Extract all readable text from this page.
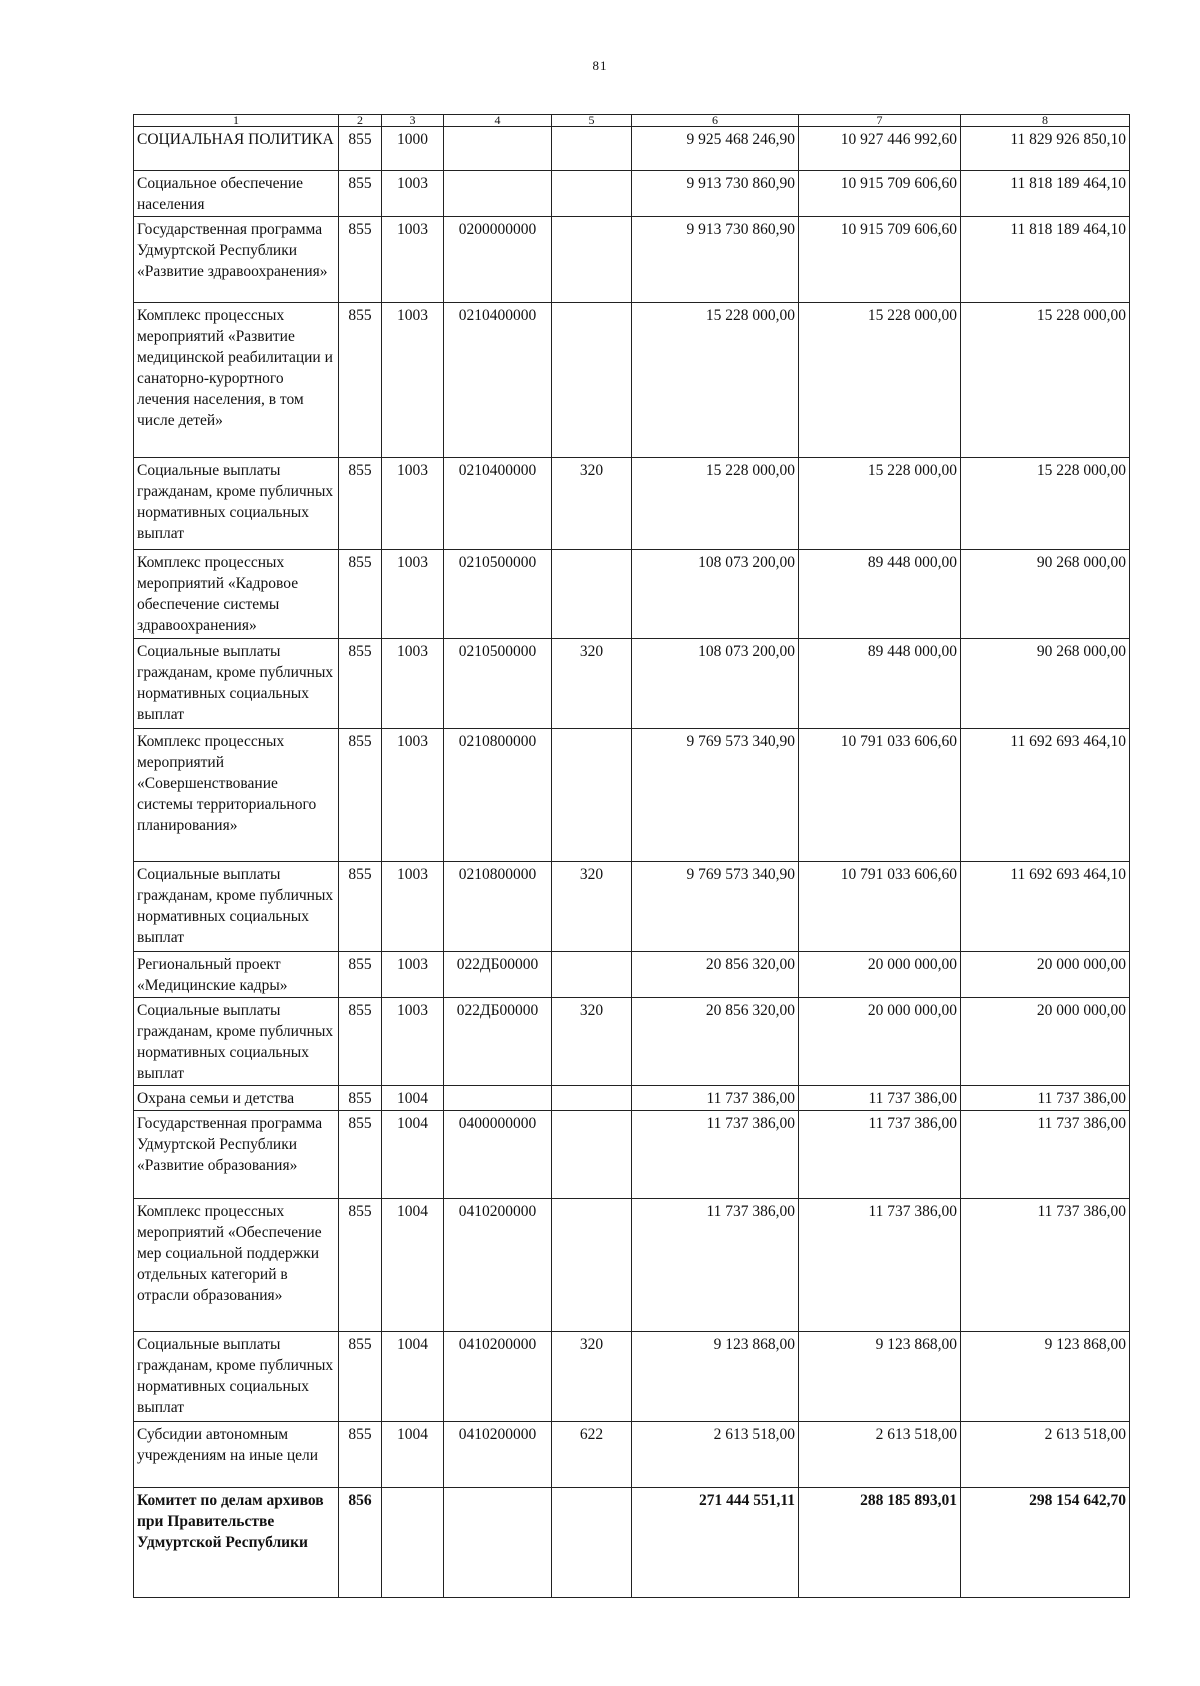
81
1	2	3	4	5	6	7	8
СОЦИАЛЬНАЯ ПОЛИТИКА	855	1000			9 925 468 246,90	10 927 446 992,60	11 829 926 850,10
Социальное обеспечение населения	855	1003			9 913 730 860,90	10 915 709 606,60	11 818 189 464,10
Государственная программа Удмуртской Республики «Развитие здравоохранения»	855	1003	0200000000		9 913 730 860,90	10 915 709 606,60	11 818 189 464,10
Комплекс процессных мероприятий «Развитие медицинской реабилитации и санаторно-курортного лечения населения, в том числе детей»	855	1003	0210400000		15 228 000,00	15 228 000,00	15 228 000,00
Социальные выплаты гражданам, кроме публичных нормативных социальных выплат	855	1003	0210400000	320	15 228 000,00	15 228 000,00	15 228 000,00
Комплекс процессных мероприятий «Кадровое обеспечение системы здравоохранения»	855	1003	0210500000		108 073 200,00	89 448 000,00	90 268 000,00
Социальные выплаты гражданам, кроме публичных нормативных социальных выплат	855	1003	0210500000	320	108 073 200,00	89 448 000,00	90 268 000,00
Комплекс процессных мероприятий «Совершенствование системы территориального планирования»	855	1003	0210800000		9 769 573 340,90	10 791 033 606,60	11 692 693 464,10
Социальные выплаты гражданам, кроме публичных нормативных социальных выплат	855	1003	0210800000	320	9 769 573 340,90	10 791 033 606,60	11 692 693 464,10
Региональный проект «Медицинские кадры»	855	1003	022ДБ00000		20 856 320,00	20 000 000,00	20 000 000,00
Социальные выплаты гражданам, кроме публичных нормативных социальных выплат	855	1003	022ДБ00000	320	20 856 320,00	20 000 000,00	20 000 000,00
Охрана семьи и детства	855	1004			11 737 386,00	11 737 386,00	11 737 386,00
Государственная программа Удмуртской Республики «Развитие образования»	855	1004	0400000000		11 737 386,00	11 737 386,00	11 737 386,00
Комплекс процессных мероприятий «Обеспечение мер социальной поддержки отдельных категорий в отрасли образования»	855	1004	0410200000		11 737 386,00	11 737 386,00	11 737 386,00
Социальные выплаты гражданам, кроме публичных нормативных социальных выплат	855	1004	0410200000	320	9 123 868,00	9 123 868,00	9 123 868,00
Субсидии автономным учреждениям на иные цели	855	1004	0410200000	622	2 613 518,00	2 613 518,00	2 613 518,00
Комитет по делам архивов при Правительстве Удмуртской Республики	856				271 444 551,11	288 185 893,01	298 154 642,70
